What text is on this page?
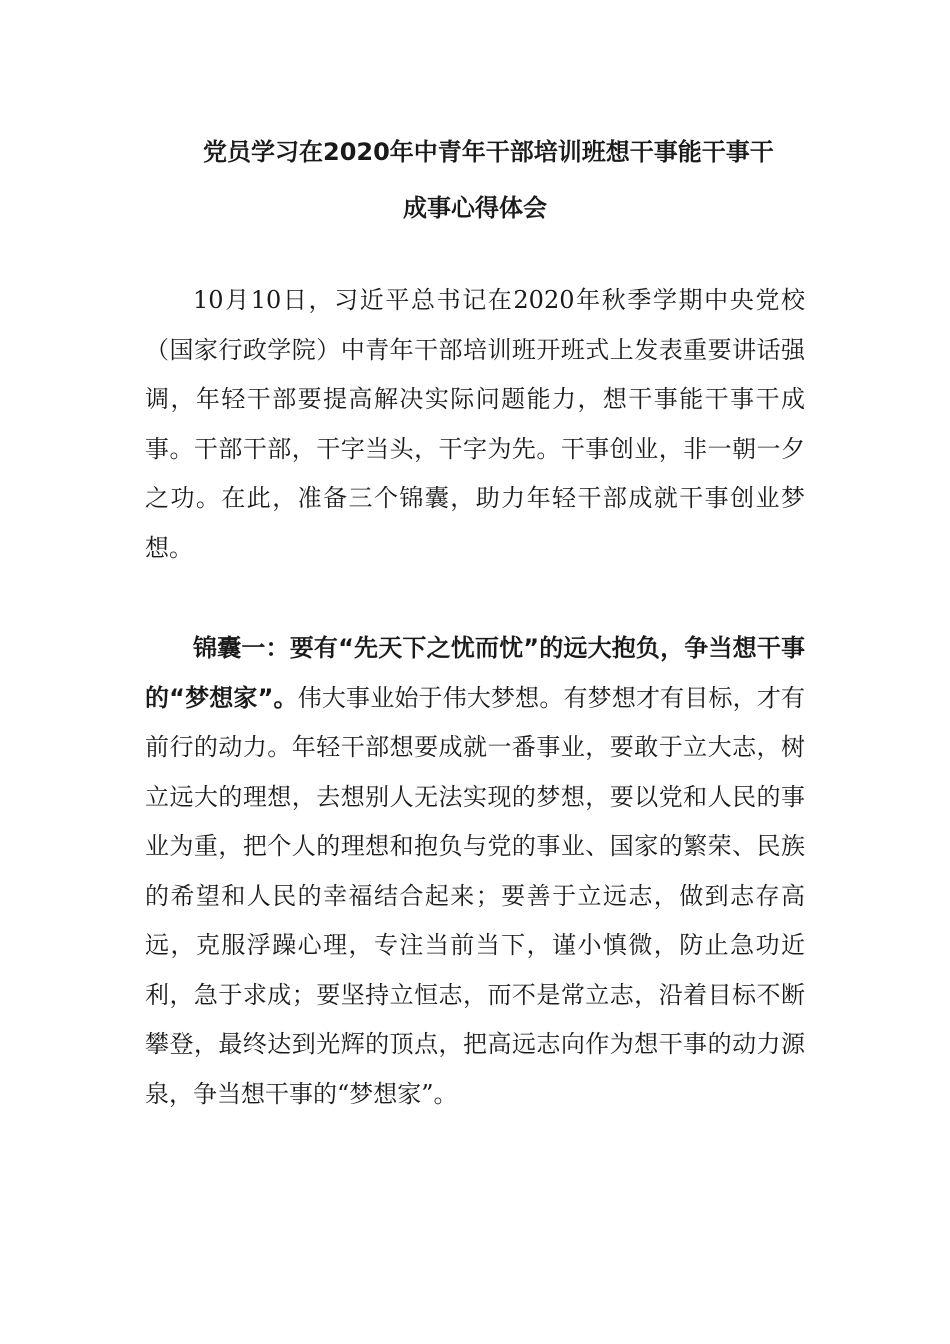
党员学习在2020年中青年干部培训班想干事能干事干
成事心得体会

10月10日，习近平总书记在2020年秋季学期中央党校（国家行政学院）中青年干部培训班开班式上发表重要讲话强调，年轻干部要提高解决实际问题能力，想干事能干事干成事。干部干部，干字当头，干字为先。干事创业，非一朝一夕之功。在此，准备三个锦囊，助力年轻干部成就干事创业梦想。

锦囊一：要有“先天下之忧而忧”的远大抱负，争当想干事的“梦想家”。伟大事业始于伟大梦想。有梦想才有目标，才有前行的动力。年轻干部想要成就一番事业，要敢于立大志，树立远大的理想，去想别人无法实现的梦想，要以党和人民的事业为重，把个人的理想和抱负与党的事业、国家的繁荣、民族的希望和人民的幸福结合起来；要善于立远志，做到志存高远，克服浮躁心理，专注当前当下，谨小慎微，防止急功近利，急于求成；要坚持立恒志，而不是常立志，沿着目标不断攀登，最终达到光辉的顶点，把高远志向作为想干事的动力源泉，争当想干事的“梦想家”。
